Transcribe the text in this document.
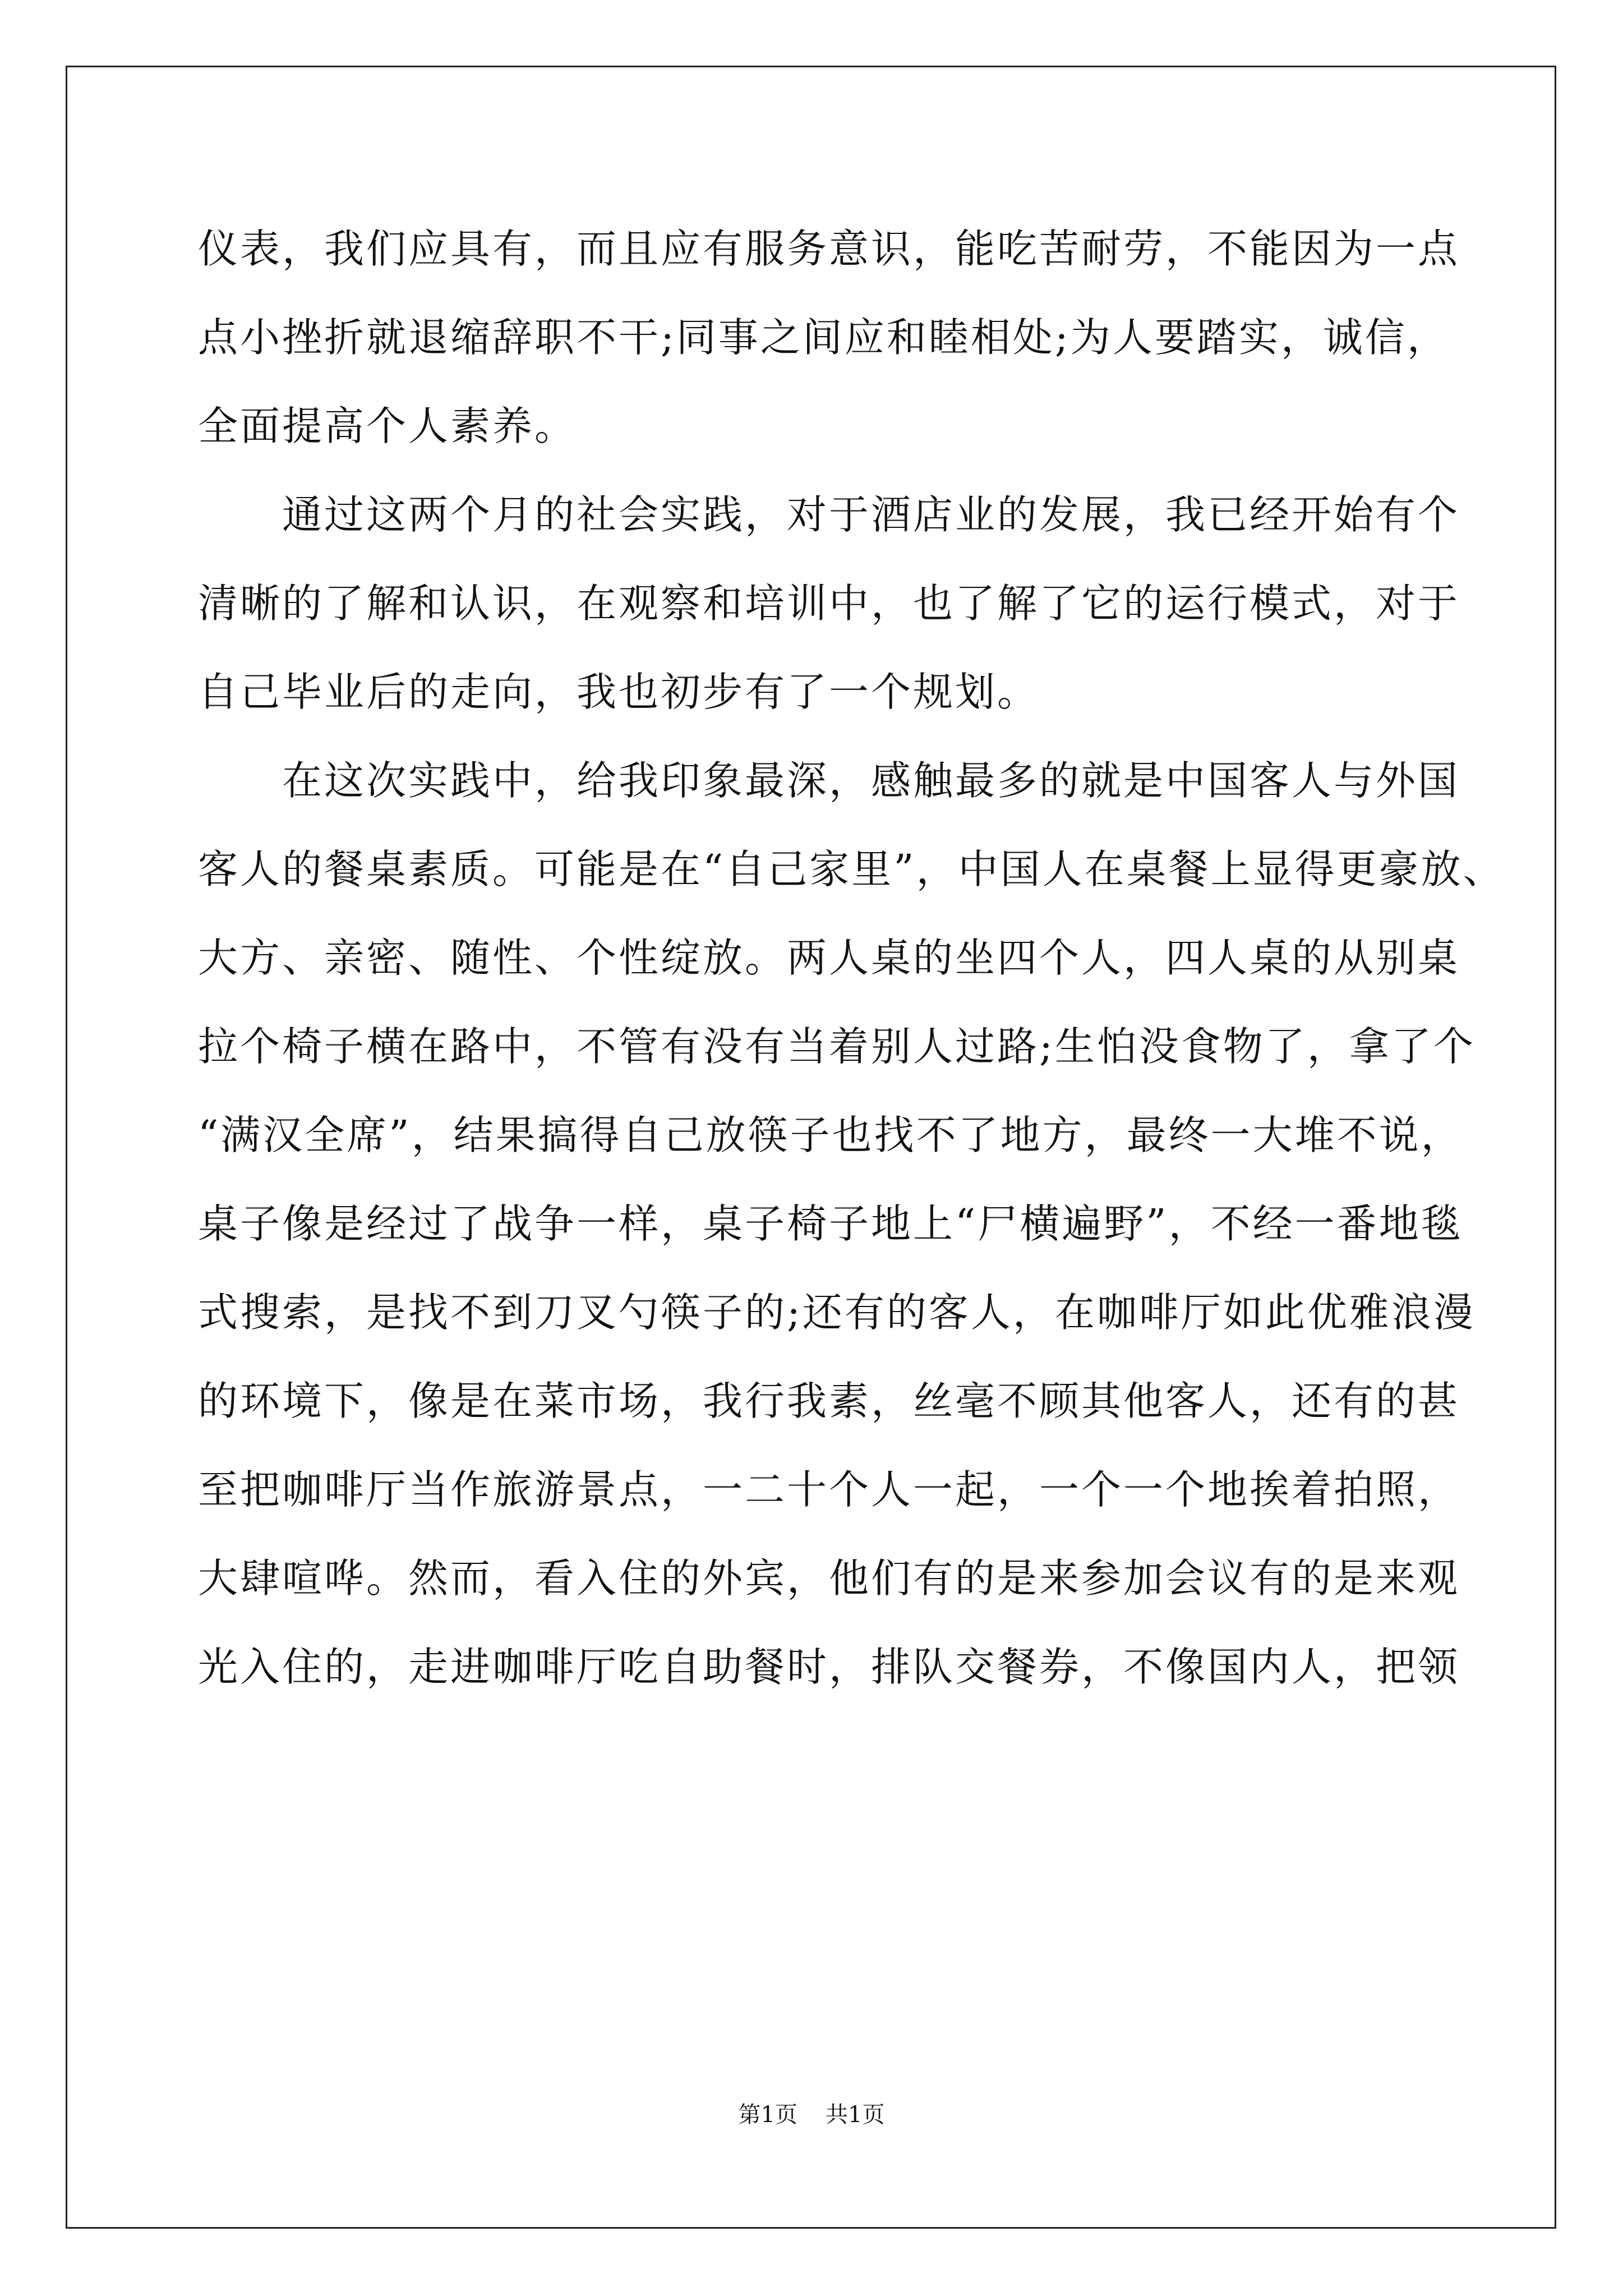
仪表，我们应具有，而且应有服务意识，能吃苦耐劳，不能因为一点
点小挫折就退缩辞职不干;同事之间应和睦相处;为人要踏实，诚信，
全面提高个人素养。
通过这两个月的社会实践，对于酒店业的发展，我已经开始有个
清晰的了解和认识，在观察和培训中，也了解了它的运行模式，对于
自己毕业后的走向，我也初步有了一个规划。
在这次实践中，给我印象最深，感触最多的就是中国客人与外国
客人的餐桌素质。可能是在“自己家里”，中国人在桌餐上显得更豪放、
大方、亲密、随性、个性绽放。两人桌的坐四个人，四人桌的从别桌
拉个椅子横在路中，不管有没有当着别人过路;生怕没食物了，拿了个
“满汉全席”，结果搞得自己放筷子也找不了地方，最终一大堆不说，
桌子像是经过了战争一样，桌子椅子地上“尸横遍野”，不经一番地毯
式搜索，是找不到刀叉勺筷子的;还有的客人，在咖啡厅如此优雅浪漫
的环境下，像是在菜市场，我行我素，丝毫不顾其他客人，还有的甚
至把咖啡厅当作旅游景点，一二十个人一起，一个一个地挨着拍照，
大肆喧哗。然而，看入住的外宾，他们有的是来参加会议有的是来观
光入住的，走进咖啡厅吃自助餐时，排队交餐券，不像国内人，把领
第1页 共1页
